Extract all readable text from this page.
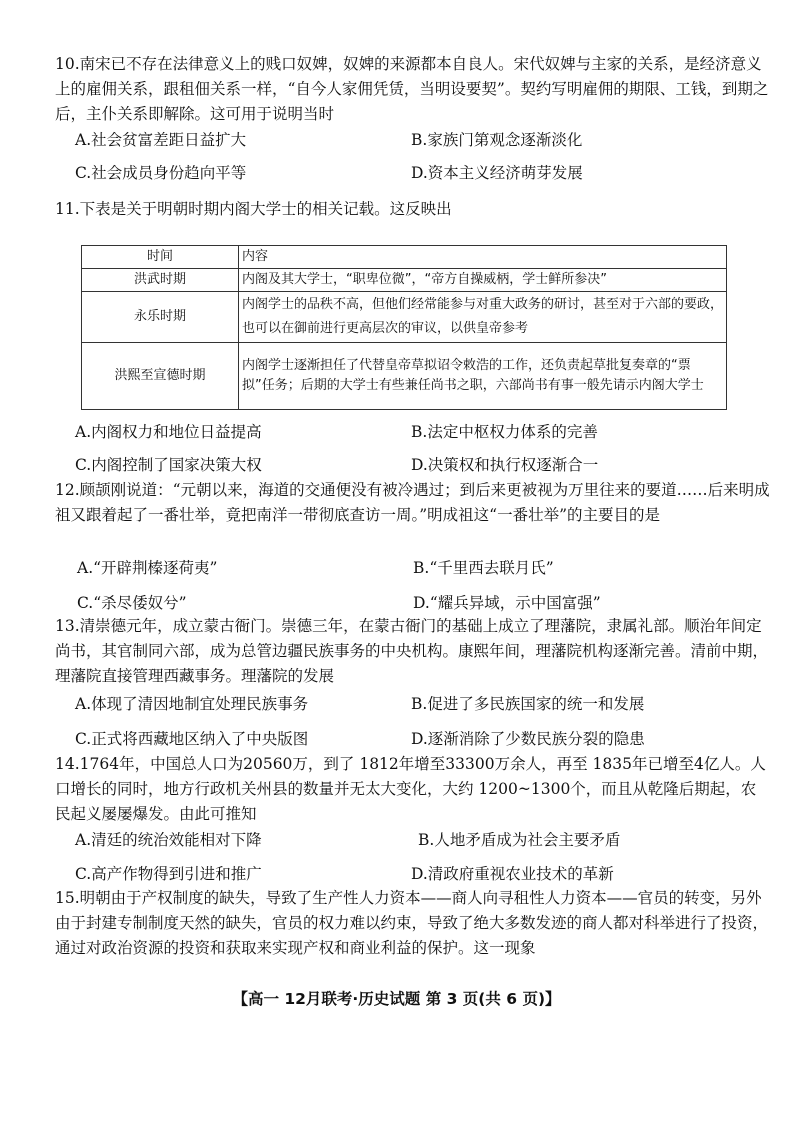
10.南宋已不存在法律意义上的贱口奴婢，奴婢的来源都本自良人。宋代奴婢与主家的关系，是经济意义上的雇佣关系，跟租佃关系一样，“自今人家佣凭赁，当明设要契”。契约写明雇佣的期限、工钱，到期之后，主仆关系即解除。这可用于说明当时
A.社会贫富差距日益扩大	B.家族门第观念逐渐淡化
C.社会成员身份趋向平等	D.资本主义经济萌芽发展
11.下表是关于明朝时期内阁大学士的相关记载。这反映出
时间	内容
洪武时期	内阁及其大学士，“职卑位微”，“帝方自操威柄，学士鲜所参决”
永乐时期	内阁学士的品秩不高，但他们经常能参与对重大政务的研讨，甚至对于六部的要政，也可以在御前进行更高层次的审议，以供皇帝参考
洪熙至宣德时期	内阁学士逐渐担任了代替皇帝草拟诏令敕浩的工作，还负责起草批复奏章的“票拟”任务；后期的大学士有些兼任尚书之职，六部尚书有事一般先请示内阁大学士
A.内阁权力和地位日益提高	B.法定中枢权力体系的完善
C.内阁控制了国家决策大权	D.决策权和执行权逐渐合一
12.顾颉刚说道：“元朝以来，海道的交通便没有被冷遇过；到后来更被视为万里往来的要道……后来明成祖又跟着起了一番壮举，竟把南洋一带彻底查访一周。”明成祖这“一番壮举”的主要目的是
A.“开辟荆榛逐荷夷”	B.“千里西去联月氏”
C.“杀尽倭奴兮”	D.“耀兵异域，示中国富强”
13.清崇德元年，成立蒙古衙门。崇德三年，在蒙古衙门的基础上成立了理藩院，隶属礼部。顺治年间定尚书，其官制同六部，成为总管边疆民族事务的中央机构。康熙年间，理藩院机构逐渐完善。清前中期，理藩院直接管理西藏事务。理藩院的发展
A.体现了清因地制宜处理民族事务	B.促进了多民族国家的统一和发展
C.正式将西藏地区纳入了中央版图	D.逐渐消除了少数民族分裂的隐患
14.1764年，中国总人口为20560万，到了 1812年增至33300万余人，再至 1835年已增至4亿人。人口增长的同时，地方行政机关州县的数量并无太大变化，大约 1200~1300个，而且从乾隆后期起，农民起义屡屡爆发。由此可推知
A.清廷的统治效能相对下降	B.人地矛盾成为社会主要矛盾
C.高产作物得到引进和推广	D.清政府重视农业技术的革新
15.明朝由于产权制度的缺失，导致了生产性人力资本——商人向寻租性人力资本——官员的转变，另外由于封建专制制度天然的缺失，官员的权力难以约束，导致了绝大多数发迹的商人都对科举进行了投资，通过对政治资源的投资和获取来实现产权和商业利益的保护。这一现象
【高一 12月联考·历史试题 第 3 页(共 6 页)】
